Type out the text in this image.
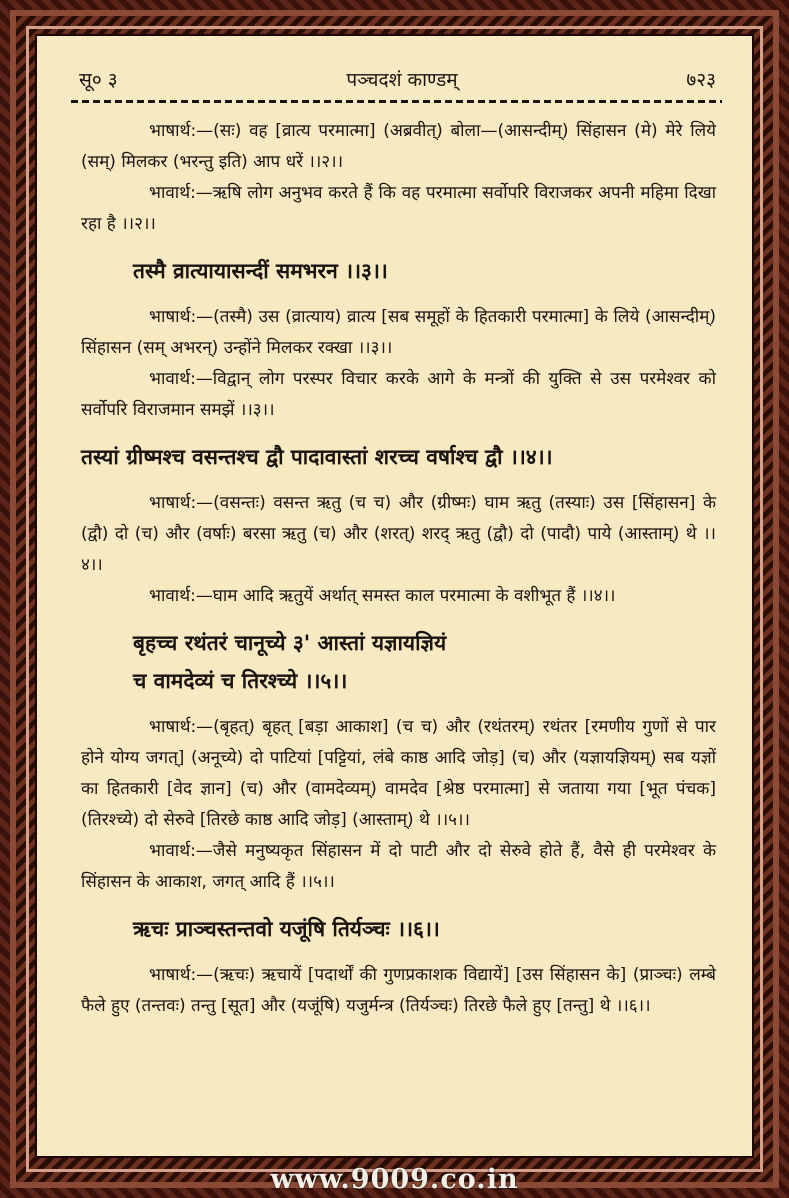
सू० ३	पञ्चदशं काण्डम्	७२३

भाषार्थ:—(सः) वह [व्रात्य परमात्मा] (अब्रवीत्) बोला—(आसन्दीम्) सिंहासन (मे) मेरे लिये (सम्) मिलकर (भरन्तु इति) आप धरें ।।२।।

भावार्थ:—ऋषि लोग अनुभव करते हैं कि वह परमात्मा सर्वोपरि विराजकर अपनी महिमा दिखा रहा है ।।२।।

तस्मै व्रात्यायासन्दीं समभरन ।।३।।

भाषार्थ:—(तस्मै) उस (व्रात्याय) व्रात्य [सब समूहों के हितकारी परमात्मा] के लिये (आसन्दीम्) सिंहासन (सम् अभरन्) उन्होंने मिलकर रक्खा ।।३।।

भावार्थ:—विद्वान् लोग परस्पर विचार करके आगे के मन्त्रों की युक्ति से उस परमेश्वर को सर्वोपरि विराजमान समझें ।।३।।

तस्यां ग्रीष्मश्च वसन्तश्च द्वौ पादावास्तां शरच्च वर्षाश्च द्वौ ।।४।।

भाषार्थ:—(वसन्तः) वसन्त ऋतु (च च) और (ग्रीष्मः) घाम ऋतु (तस्याः) उस [सिंहासन] के (द्वौ) दो (च) और (वर्षाः) बरसा ऋतु (च) और (शरत्) शरद् ऋतु (द्वौ) दो (पादौ) पाये (आस्ताम्) थे ।।४।।

भावार्थ:—घाम आदि ऋतुयें अर्थात् समस्त काल परमात्मा के वशीभूत हैं ।।४।।

बृहच्च रथंतरं चानूच्ये ३' आस्तां यज्ञायज्ञियं

च वामदेव्यं च तिरश्च्ये ।।५।।

भाषार्थ:—(बृहत्) बृहत् [बड़ा आकाश] (च च) और (रथंतरम्) रथंतर [रमणीय गुणों से पार होने योग्य जगत्] (अनूच्ये) दो पाटियां [पट्टियां, लंबे काष्ठ आदि जोड़] (च) और (यज्ञायज्ञियम्) सब यज्ञों का हितकारी [वेद ज्ञान] (च) और (वामदेव्यम्) वामदेव [श्रेष्ठ परमात्मा] से जताया गया [भूत पंचक] (तिरश्च्ये) दो सेरुवे [तिरछे काष्ठ आदि जोड़] (आस्ताम्) थे ।।५।।

भावार्थ:—जैसे मनुष्यकृत सिंहासन में दो पाटी और दो सेरुवे होते हैं, वैसे ही परमेश्वर के सिंहासन के आकाश, जगत् आदि हैं ।।५।।

ऋचः प्राञ्चस्तन्तवो यजूंषि तिर्यञ्चः ।।६।।

भाषार्थ:—(ऋचः) ऋचायें [पदार्थों की गुणप्रकाशक विद्यायें] [उस सिंहासन के] (प्राञ्चः) लम्बे फैले हुए (तन्तवः) तन्तु [सूत] और (यजूंषि) यजुर्मन्त्र (तिर्यञ्चः) तिरछे फैले हुए [तन्तु] थे ।।६।।

www.9009.co.in
